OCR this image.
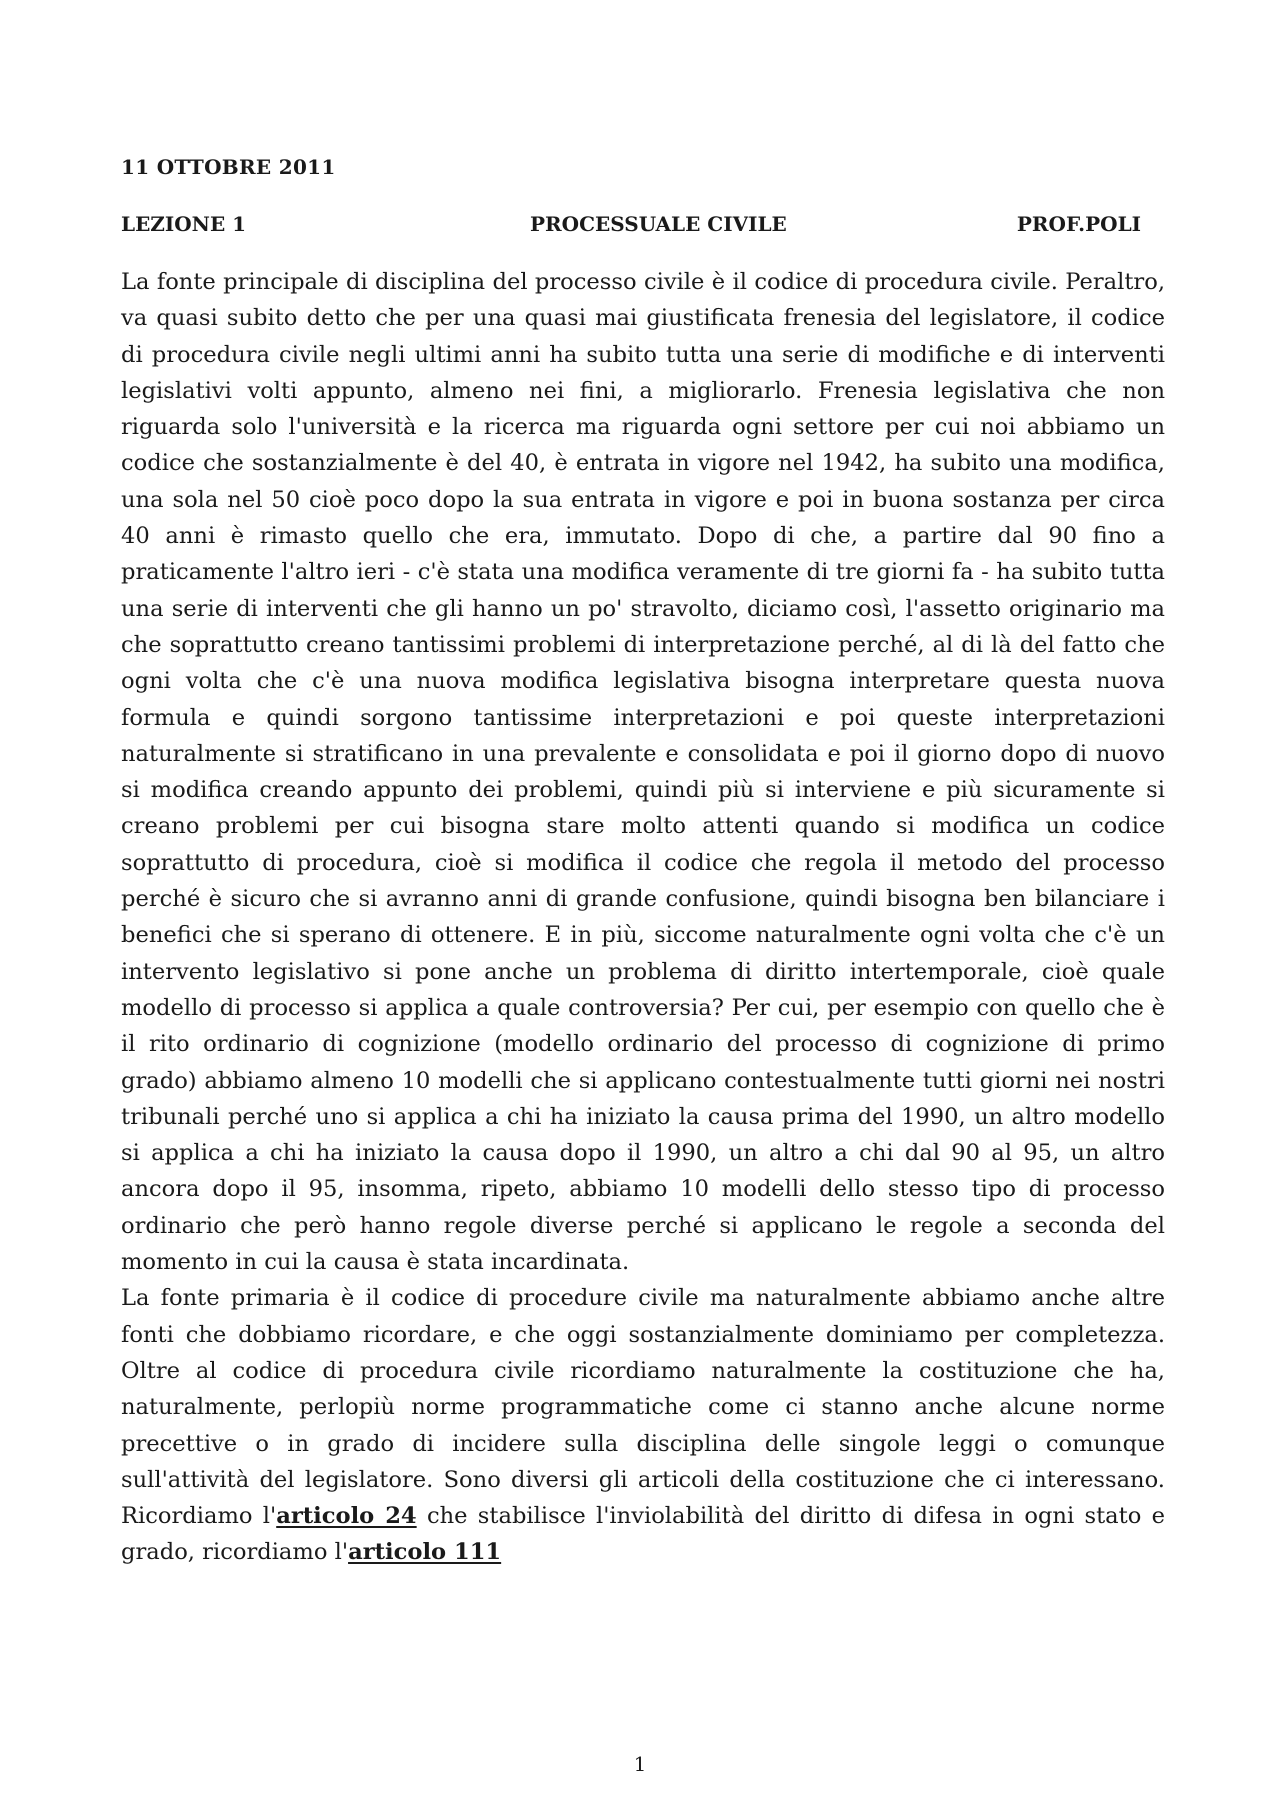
11 OTTOBRE 2011
LEZIONE 1	PROCESSUALE CIVILE	PROF.POLI

La fonte principale di disciplina del processo civile è il codice di procedura civile. Peraltro, va quasi subito detto che per una quasi mai giustificata frenesia del legislatore, il codice di procedura civile negli ultimi anni ha subito tutta una serie di modifiche e di interventi legislativi volti appunto, almeno nei fini, a migliorarlo. Frenesia legislativa che non riguarda solo l'università e la ricerca ma riguarda ogni settore per cui noi abbiamo un codice che sostanzialmente è del 40, è entrata in vigore nel 1942, ha subito una modifica, una sola nel 50 cioè poco dopo la sua entrata in vigore e poi in buona sostanza per circa 40 anni è rimasto quello che era, immutato. Dopo di che, a partire dal 90 fino a praticamente l'altro ieri - c'è stata una modifica veramente di tre giorni fa - ha subito tutta una serie di interventi che gli hanno un po' stravolto, diciamo così, l'assetto originario ma che soprattutto creano tantissimi problemi di interpretazione perché, al di là del fatto che ogni volta che c'è una nuova modifica legislativa bisogna interpretare questa nuova formula e quindi sorgono tantissime interpretazioni e poi queste interpretazioni naturalmente si stratificano in una prevalente e consolidata e poi il giorno dopo di nuovo si modifica creando appunto dei problemi, quindi più si interviene e più sicuramente si creano problemi per cui bisogna stare molto attenti quando si modifica un codice soprattutto di procedura, cioè si modifica il codice che regola il metodo del processo perché è sicuro che si avranno anni di grande confusione, quindi bisogna ben bilanciare i benefici che si sperano di ottenere. E in più, siccome naturalmente ogni volta che c'è un intervento legislativo si pone anche un problema di diritto intertemporale, cioè quale modello di processo si applica a quale controversia? Per cui, per esempio con quello che è il rito ordinario di cognizione (modello ordinario del processo di cognizione di primo grado) abbiamo almeno 10 modelli che si applicano contestualmente tutti giorni nei nostri tribunali perché uno si applica a chi ha iniziato la causa prima del 1990, un altro modello si applica a chi ha iniziato la causa dopo il 1990, un altro a chi dal 90 al 95, un altro ancora dopo il 95, insomma, ripeto, abbiamo 10 modelli dello stesso tipo di processo ordinario che però hanno regole diverse perché si applicano le regole a seconda del momento in cui la causa è stata incardinata.

La fonte primaria è il codice di procedure civile ma naturalmente abbiamo anche altre fonti che dobbiamo ricordare, e che oggi sostanzialmente dominiamo per completezza. Oltre al codice di procedura civile ricordiamo naturalmente la costituzione che ha, naturalmente, perlopiù norme programmatiche come ci stanno anche alcune norme precettive o in grado di incidere sulla disciplina delle singole leggi o comunque sull'attività del legislatore. Sono diversi gli articoli della costituzione che ci interessano. Ricordiamo l'articolo 24 che stabilisce l'inviolabilità del diritto di difesa in ogni stato e grado, ricordiamo l'articolo 111

1
